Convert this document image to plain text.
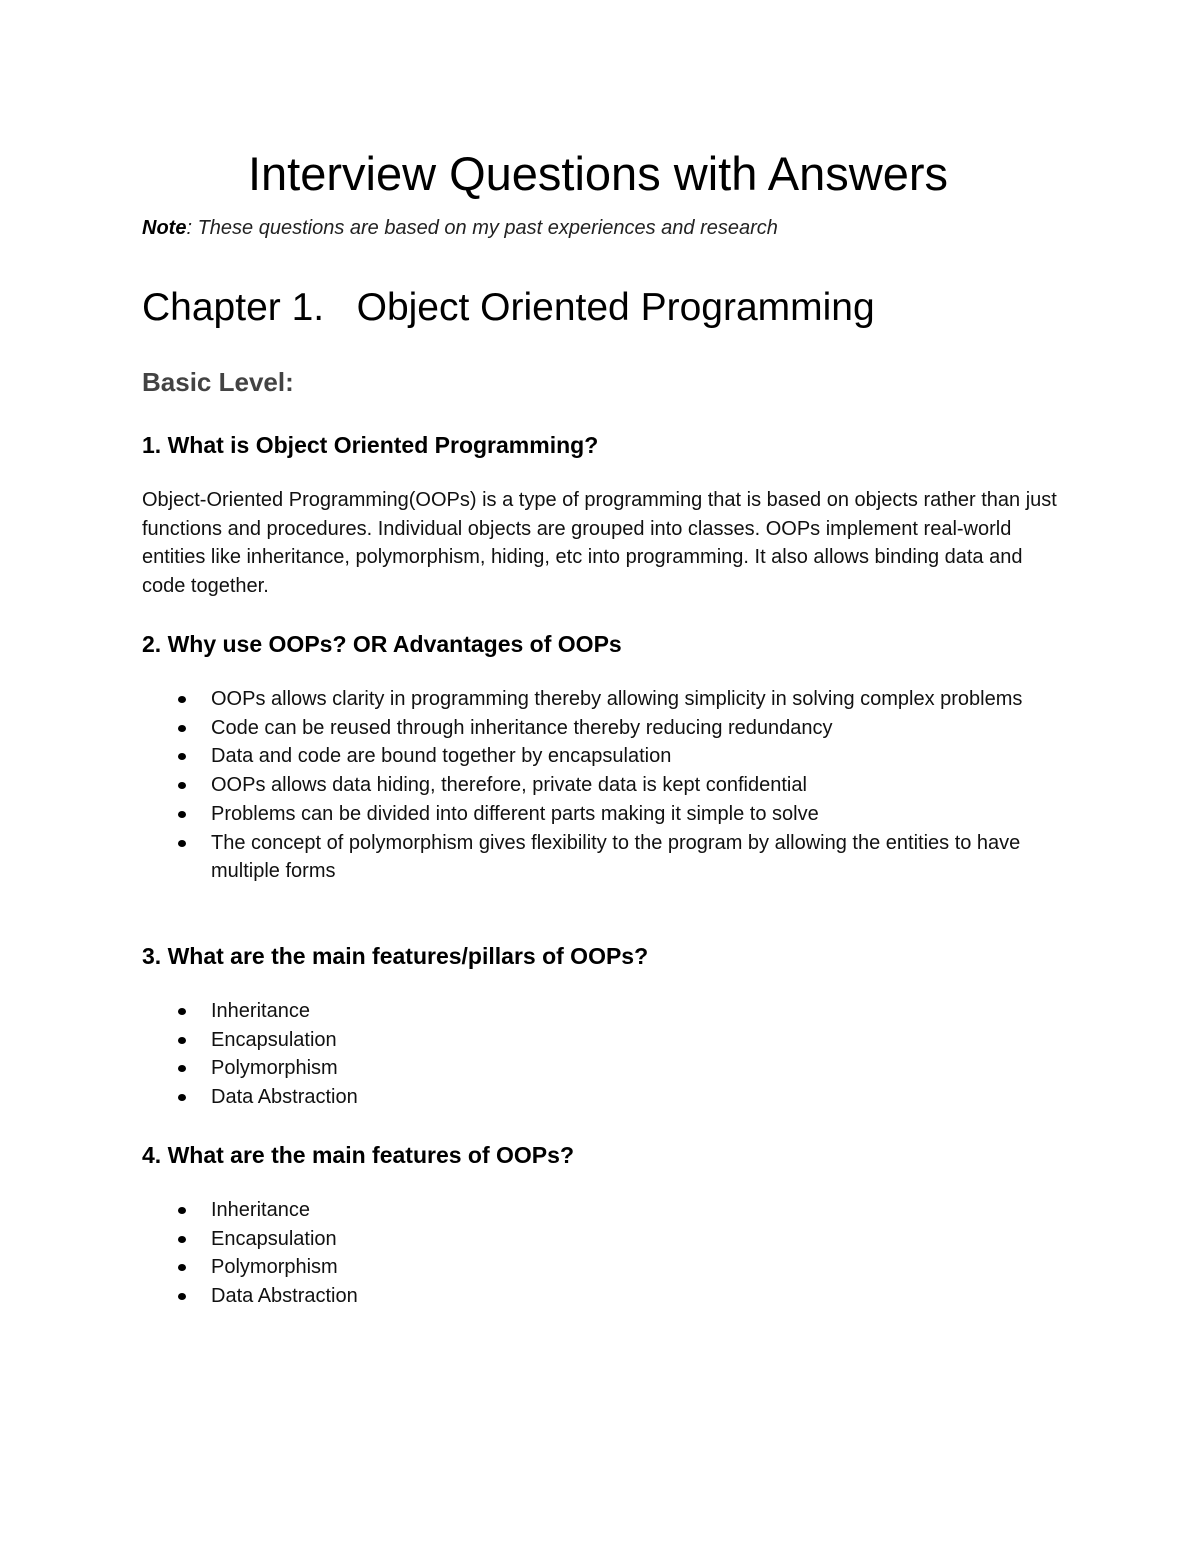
Interview Questions with Answers
Note: These questions are based on my past experiences and research
Chapter 1.   Object Oriented Programming
Basic Level:
1. What is Object Oriented Programming?

Object-Oriented Programming(OOPs) is a type of programming that is based on objects rather than just functions and procedures. Individual objects are grouped into classes. OOPs implement real-world entities like inheritance, polymorphism, hiding, etc into programming. It also allows binding data and code together.

2. Why use OOPs? OR Advantages of OOPs
OOPs allows clarity in programming thereby allowing simplicity in solving complex problems
Code can be reused through inheritance thereby reducing redundancy
Data and code are bound together by encapsulation
OOPs allows data hiding, therefore, private data is kept confidential
Problems can be divided into different parts making it simple to solve
The concept of polymorphism gives flexibility to the program by allowing the entities to have multiple forms
3. What are the main features/pillars of OOPs?
Inheritance
Encapsulation
Polymorphism
Data Abstraction
4. What are the main features of OOPs?
Inheritance
Encapsulation
Polymorphism
Data Abstraction
